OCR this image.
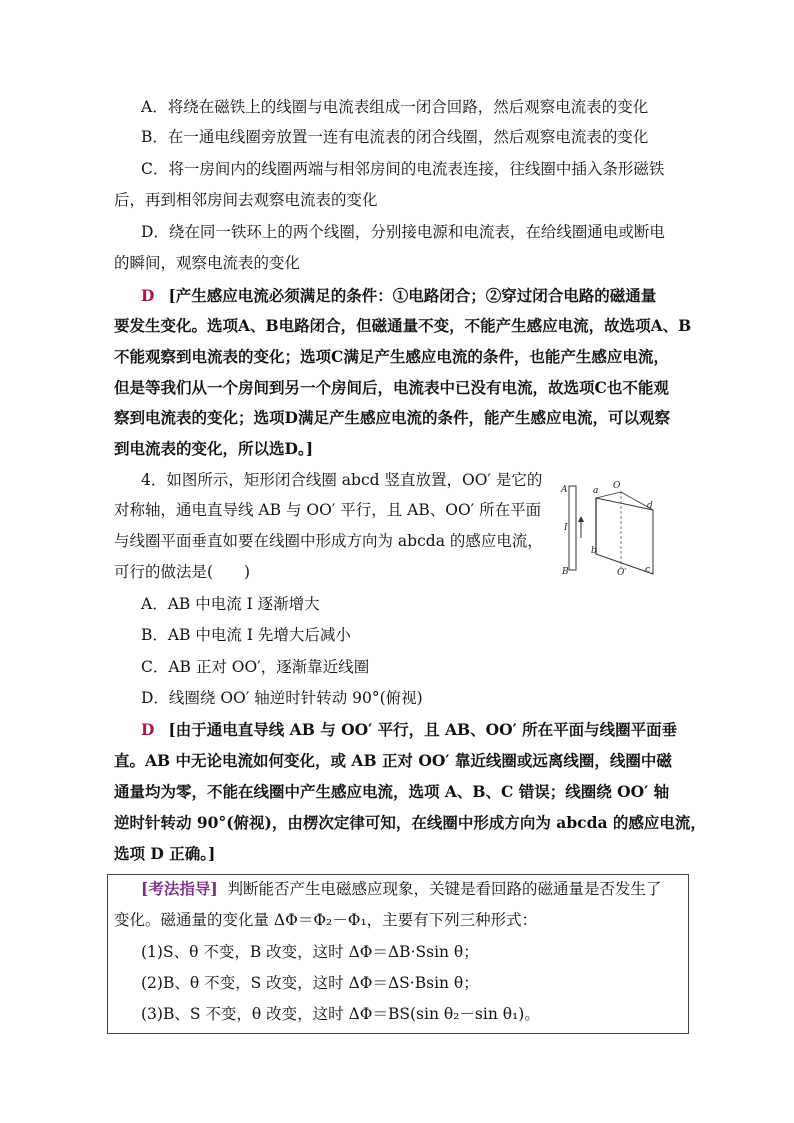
A．将绕在磁铁上的线圈与电流表组成一闭合回路，然后观察电流表的变化
B．在一通电线圈旁放置一连有电流表的闭合线圈，然后观察电流表的变化
C．将一房间内的线圈两端与相邻房间的电流表连接，往线圈中插入条形磁铁
后，再到相邻房间去观察电流表的变化
D．绕在同一铁环上的两个线圈，分别接电源和电流表，在给线圈通电或断电
的瞬间，观察电流表的变化
D [产生感应电流必须满足的条件：①电路闭合；②穿过闭合电路的磁通量
要发生变化。选项A、B电路闭合，但磁通量不变，不能产生感应电流，故选项A、B
不能观察到电流表的变化；选项C满足产生感应电流的条件，也能产生感应电流，
但是等我们从一个房间到另一个房间后，电流表中已没有电流，故选项C也不能观
察到电流表的变化；选项D满足产生感应电流的条件，能产生感应电流，可以观察
到电流表的变化，所以选D。]
4．如图所示，矩形闭合线圈 abcd 竖直放置，OO′ 是它的
对称轴，通电直导线 AB 与 OO′ 平行，且 AB、OO′ 所在平面
与线圈平面垂直如要在线圈中形成方向为 abcda 的感应电流，
可行的做法是(　　)
A
B
I
a
b
c
d
O
O′
A．AB 中电流 I 逐渐增大
B．AB 中电流 I 先增大后减小
C．AB 正对 OO′，逐渐靠近线圈
D．线圈绕 OO′ 轴逆时针转动 90°(俯视)
D [由于通电直导线 AB 与 OO′ 平行，且 AB、OO′ 所在平面与线圈平面垂
直。AB 中无论电流如何变化，或 AB 正对 OO′ 靠近线圈或远离线圈，线圈中磁
通量均为零，不能在线圈中产生感应电流，选项 A、B、C 错误；线圈绕 OO′ 轴
逆时针转动 90°(俯视)，由楞次定律可知，在线圈中形成方向为 abcda 的感应电流，
选项 D 正确。]
[考法指导] 判断能否产生电磁感应现象，关键是看回路的磁通量是否发生了
变化。磁通量的变化量 ΔΦ＝Φ₂－Φ₁，主要有下列三种形式：
(1)S、θ 不变，B 改变，这时 ΔΦ＝ΔB·Ssin θ；
(2)B、θ 不变，S 改变，这时 ΔΦ＝ΔS·Bsin θ；
(3)B、S 不变，θ 改变，这时 ΔΦ＝BS(sin θ₂－sin θ₁)。
